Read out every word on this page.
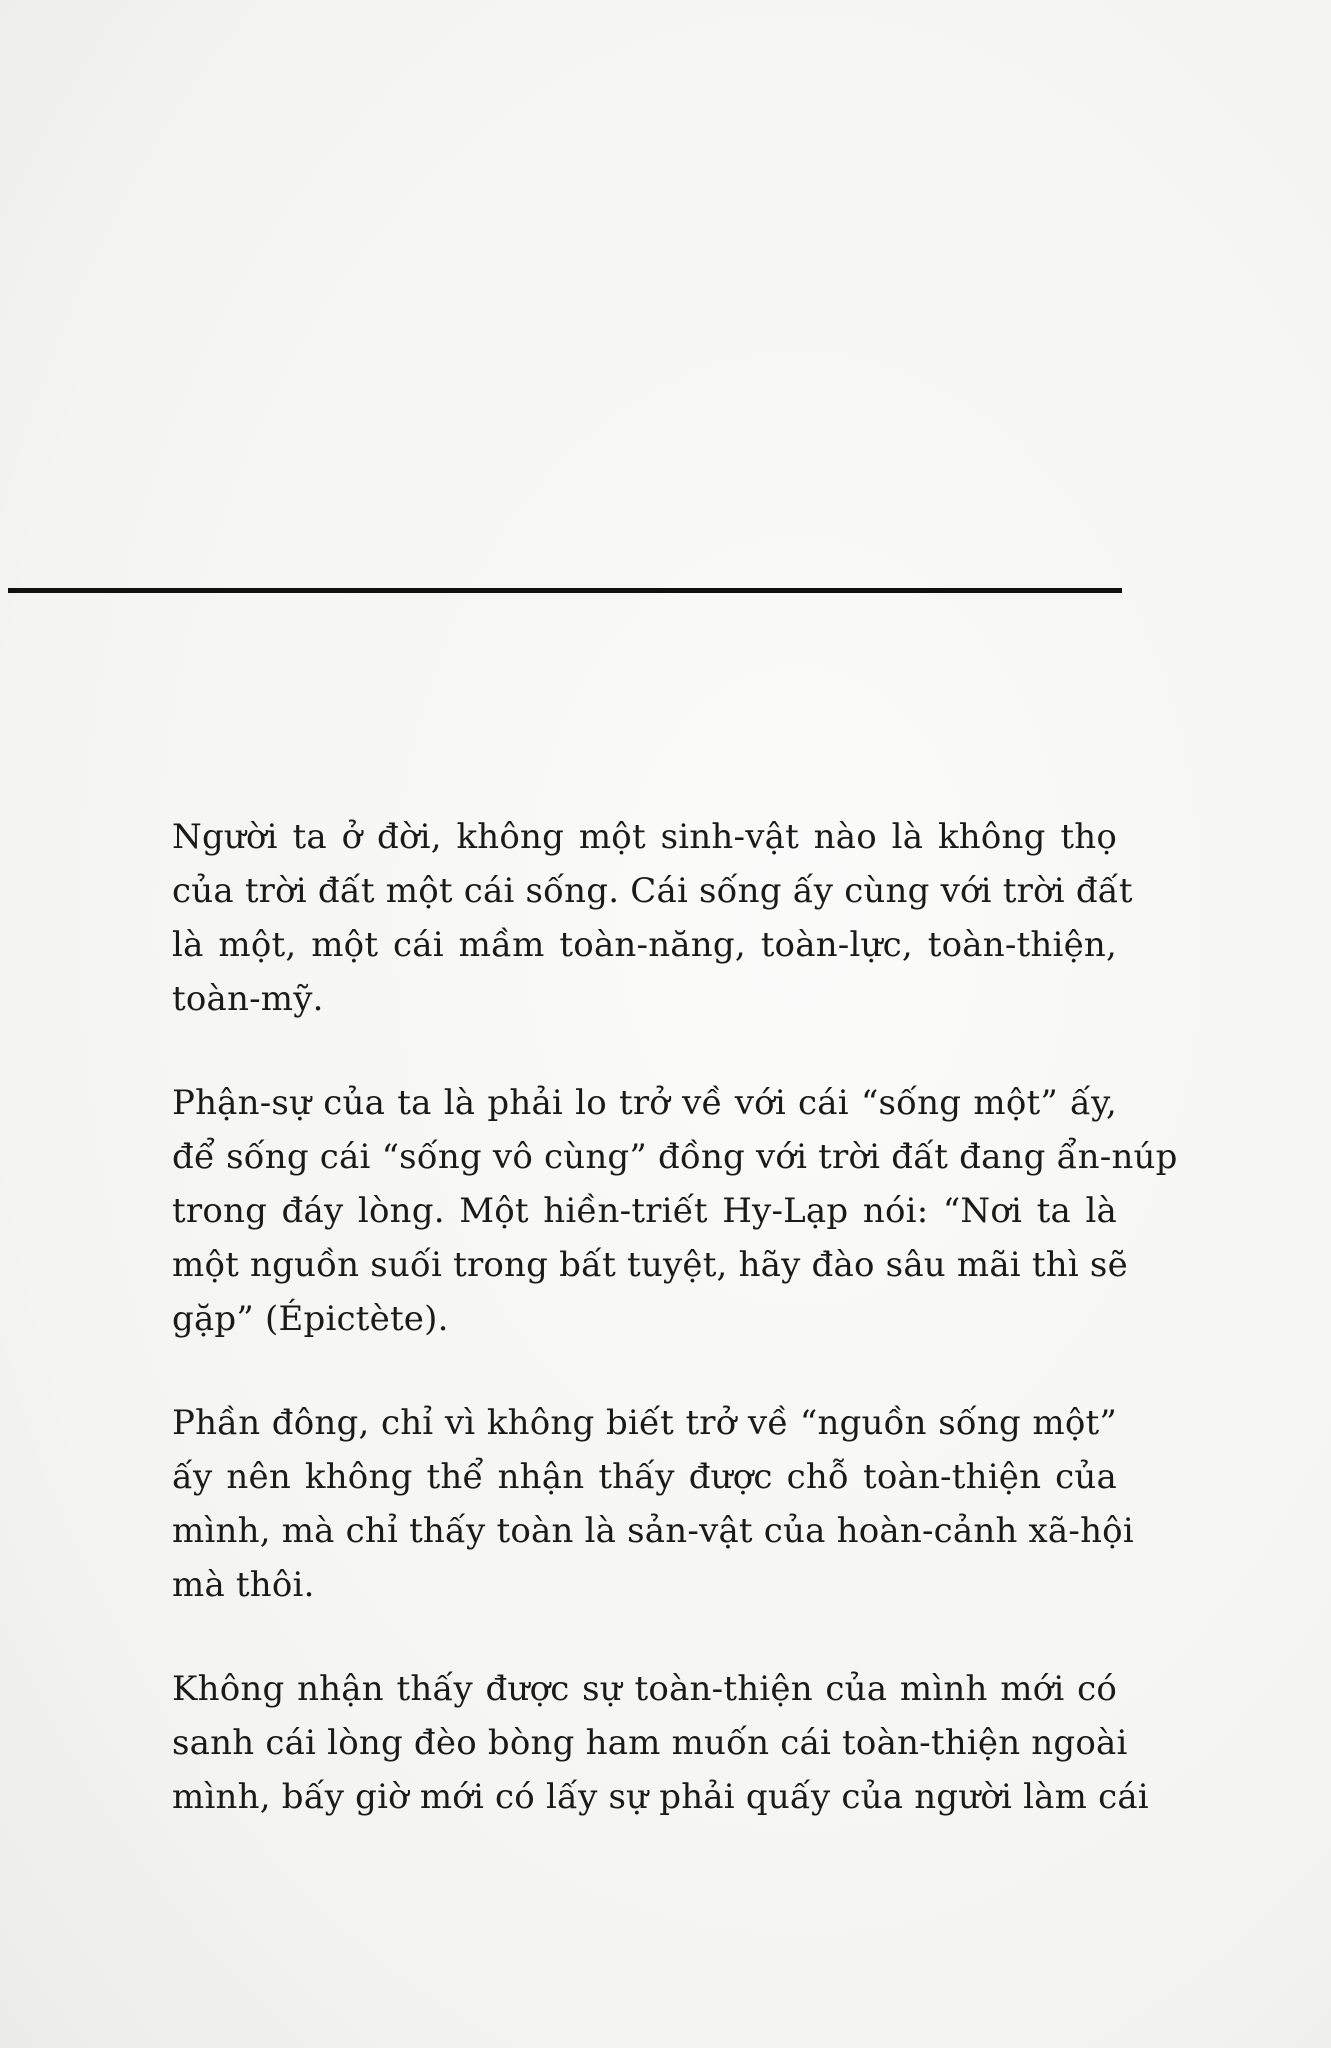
Người ta ở đời, không một sinh-vật nào là không thọ
của trời đất một cái sống. Cái sống ấy cùng với trời đất
là một, một cái mầm toàn-năng, toàn-lực, toàn-thiện,
toàn-mỹ.

Phận-sự của ta là phải lo trở về với cái “sống một” ấy,
để sống cái “sống vô cùng” đồng với trời đất đang ẩn-núp
trong đáy lòng. Một hiền-triết Hy-Lạp nói: “Nơi ta là
một nguồn suối trong bất tuyệt, hãy đào sâu mãi thì sẽ
gặp” (Épictète).

Phần đông, chỉ vì không biết trở về “nguồn sống một”
ấy nên không thể nhận thấy được chỗ toàn-thiện của
mình, mà chỉ thấy toàn là sản-vật của hoàn-cảnh xã-hội
mà thôi.

Không nhận thấy được sự toàn-thiện của mình mới có
sanh cái lòng đèo bòng ham muốn cái toàn-thiện ngoài
mình, bấy giờ mới có lấy sự phải quấy của người làm cái
